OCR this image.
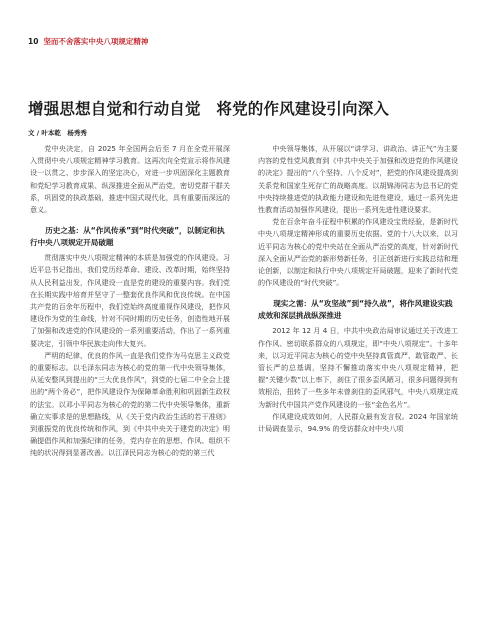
10 坚而不舍落实中央八项规定精神
增强思想自觉和行动自觉　将党的作风建设引向深入
文 / 叶本乾　杨秀秀

党中央决定，自 2025 年全国两会后至 7 月在全党开展深入贯彻中央八项规定精神学习教育。这再次向全党宣示将作风建设一以贯之、步步深入的坚定决心，对进一步巩固深化主题教育和党纪学习教育成果、纵深推进全面从严治党，密切党群干群关系，巩固党的执政基础，推进中国式现代化，具有重要而深远的意义。

历史之基：从“作风传承”到“时代突破”，以制定和执行中央八项规定开局破题

贯彻落实中央八项规定精神的本质是加强党的作风建设。习近平总书记指出，我们党历经革命、建设、改革时期，始终坚持从人民利益出发，作风建设一直是党的建设的重要内容。我们党在长期实践中培育并坚守了一整套优良作风和优良传统。在中国共产党的百余年历程中，我们党始终高度重视作风建设，把作风建设作为党的生命线，针对不同时期的历史任务，创造性地开展了加强和改进党的作风建设的一系列重要活动，作出了一系列重要决定，引领中华民族走向伟大复兴。

严明的纪律、优良的作风一直是我们党作为马克思主义政党的重要标志。以毛泽东同志为核心的党的第一代中央领导集体，从延安整风到提出的“三大优良作风”，到党的七届二中全会上提出的“两个务必”，把作风建设作为保障革命胜利和巩固新生政权的法宝。以邓小平同志为核心的党的第二代中央领导集体，重新确立实事求是的思想路线，从《关于党内政治生活的若干准则》到重振党的优良传统和作风，到《中共中央关于建党的决定》明确提倡作风和加强纪律的任务，党内存在的思想、作风、组织不纯的状况得到显著改善。以江泽民同志为核心的党的第三代

中央领导集体，从开展以“讲学习、讲政治、讲正气”为主要内容的党性党风教育到《中共中央关于加强和改进党的作风建设的决定》提出的“八个坚持、八个反对”，把党的作风建设提高到关系党和国家生死存亡的战略高度。以胡锦涛同志为总书记的党中央持续推进党的执政能力建设和先进性建设，通过一系列先进性教育活动加强作风建设，提出一系列先进性建设要求。

党在百余年奋斗征程中积累的作风建设宝贵经验，是新时代中央八项规定精神形成的重要历史依据。党的十八大以来，以习近平同志为核心的党中央站在全面从严治党的高度，针对新时代深入全面从严治党的新形势新任务，引正创新进行实践总结和理论创新，以制定和执行中央八项规定开局破题，迎来了新时代党的作风建设的“时代突破”。

现实之需：从“攻坚战”到“持久战”，将作风建设实践成效和深层挑战纵深推进

2012 年 12 月 4 日，中共中央政治局审议通过关于改进工作作风、密切联系群众的八项规定，即“中央八项规定”。十多年来，以习近平同志为核心的党中央坚持真管真严、敢管敢严、长管长严的总基调，坚持不懈推动落实中央八项规定精神，把握“关键少数”以上率下，刹住了很多歪风陋习，很多问题得到有效根治，扭转了一些多年未曾刹住的歪风邪气，中央八项规定成为新时代中国共产党作风建设的一张“金色名片”。

作风建设成效如何，人民群众最有发言权。2024 年国家统计局调查显示，94.9% 的受访群众对中央八项
